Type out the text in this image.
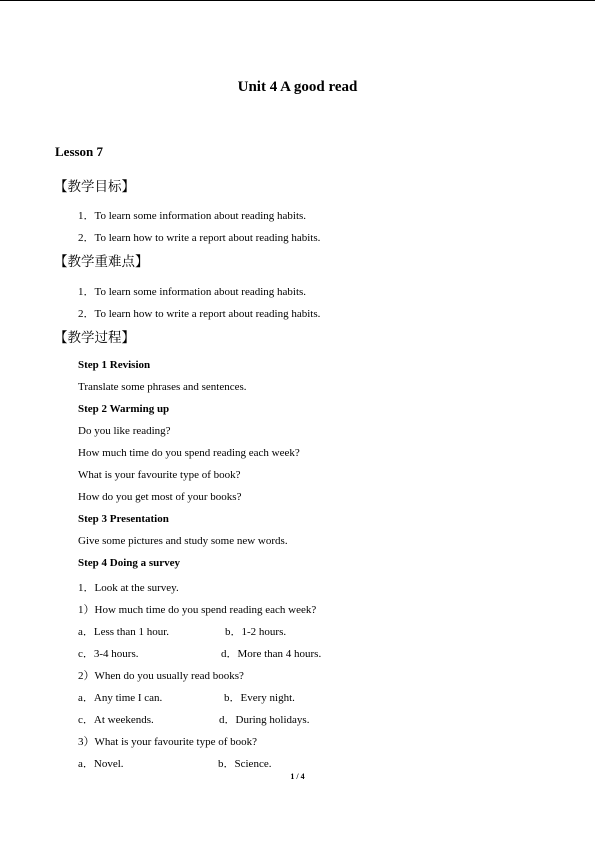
Unit 4 A good read
Lesson 7
【教学目标】
1．To learn some information about reading habits.
2．To learn how to write a report about reading habits.
【教学重难点】
1．To learn some information about reading habits.
2．To learn how to write a report about reading habits.
【教学过程】
Step 1 Revision
Translate some phrases and sentences.
Step 2 Warming up
Do you like reading?
How much time do you spend reading each week?
What is your favourite type of book?
How do you get most of your books?
Step 3 Presentation
Give some pictures and study some new words.
Step 4 Doing a survey
1．Look at the survey.
1）How much time do you spend reading each week?
a．Less than 1 hour.	b．1-2 hours.
c．3-4 hours.	d．More than 4 hours.
2）When do you usually read books?
a．Any time I can.	b．Every night.
c．At weekends.	d．During holidays.
3）What is your favourite type of book?
a．Novel.	b．Science.
1 / 4
